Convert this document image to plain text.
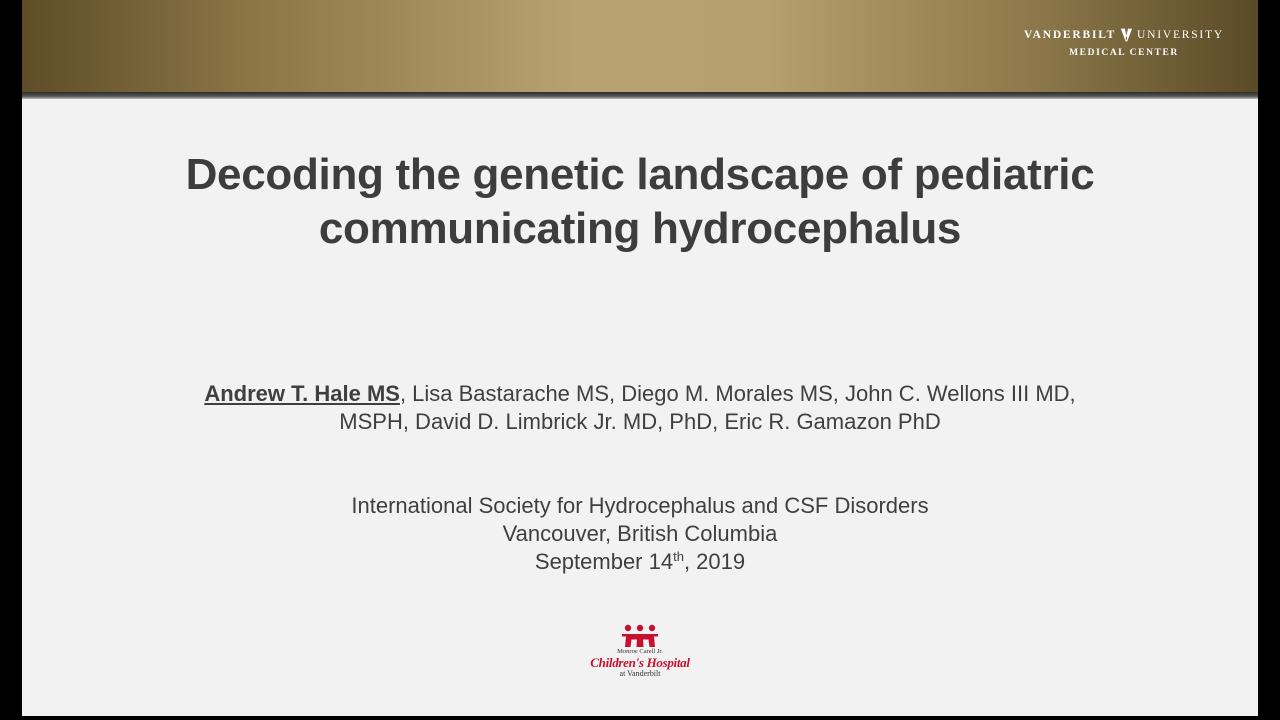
VANDERBILT UNIVERSITY
MEDICAL CENTER
Decoding the genetic landscape of pediatric
communicating hydrocephalus
Andrew T. Hale MS, Lisa Bastarache MS, Diego M. Morales MS, John C. Wellons III MD,
MSPH, David D. Limbrick Jr. MD, PhD, Eric R. Gamazon PhD
International Society for Hydrocephalus and CSF Disorders
Vancouver, British Columbia
September 14th, 2019
Monroe Carell Jr.
Children's Hospital
at Vanderbilt
